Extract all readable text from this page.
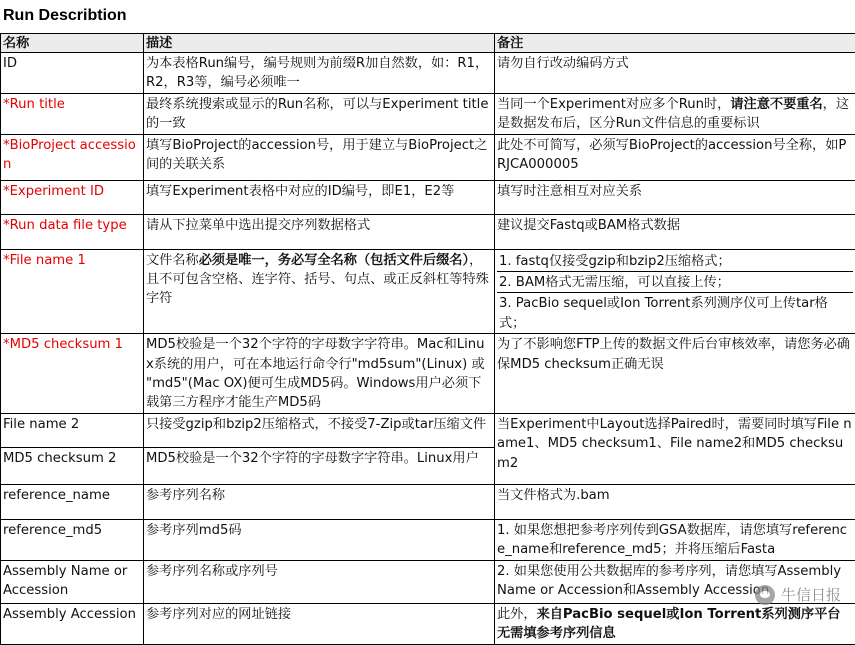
Run Describtion
名称	描述	备注
ID	为本表格Run编号，编号规则为前缀R加自然数，如：R1，R2，R3等，编号必须唯一	请勿自行改动编码方式
*Run title	最终系统搜索或显示的Run名称，可以与Experiment title的一致	当同一个Experiment对应多个Run时，请注意不要重名，这是数据发布后，区分Run文件信息的重要标识
*BioProject accession	填写BioProject的accession号，用于建立与BioProject之间的关联关系	此处不可简写，必须写BioProject的accession号全称，如PRJCA000005
*Experiment ID	填写Experiment表格中对应的ID编号，即E1，E2等	填写时注意相互对应关系
*Run data file type	请从下拉菜单中选出提交序列数据格式	建议提交Fastq或BAM格式数据
*File name 1	文件名称必须是唯一，务必写全名称（包括文件后缀名），且不可包含空格、连字符、括号、句点、或正反斜杠等特殊字符	1. fastq仅接受gzip和bzip2压缩格式；
2. BAM格式无需压缩，可以直接上传；
3. PacBio sequel或Ion Torrent系列测序仪可上传tar格式；

*MD5 checksum 1	MD5校验是一个32个字符的字母数字字符串。Mac和Linux系统的用户，可在本地运行命令行"md5sum"(Linux) 或 "md5"(Mac OX)便可生成MD5码。Windows用户必须下载第三方程序才能生产MD5码	为了不影响您FTP上传的数据文件后台审核效率，请您务必确保MD5 checksum正确无误
File name 2	只接受gzip和bzip2压缩格式，不接受7-Zip或tar压缩文件	当Experiment中Layout选择Paired时，需要同时填写File name1、MD5 checksum1、File name2和MD5 checksum2
MD5 checksum 2	MD5校验是一个32个字符的字母数字字符串。Linux用户	
reference_name	参考序列名称	当文件格式为.bam
reference_md5	参考序列md5码	1. 如果您想把参考序列传到GSA数据库，请您填写reference_name和reference_md5；并将压缩后Fasta
Assembly Name or Accession	参考序列名称或序列号	2. 如果您使用公共数据库的参考序列，请您填写Assembly Name or Accession和Assembly Accession
Assembly Accession	参考序列对应的网址链接	此外，来自PacBio sequel或Ion Torrent系列测序平台无需填参考序列信息
牛信日报
